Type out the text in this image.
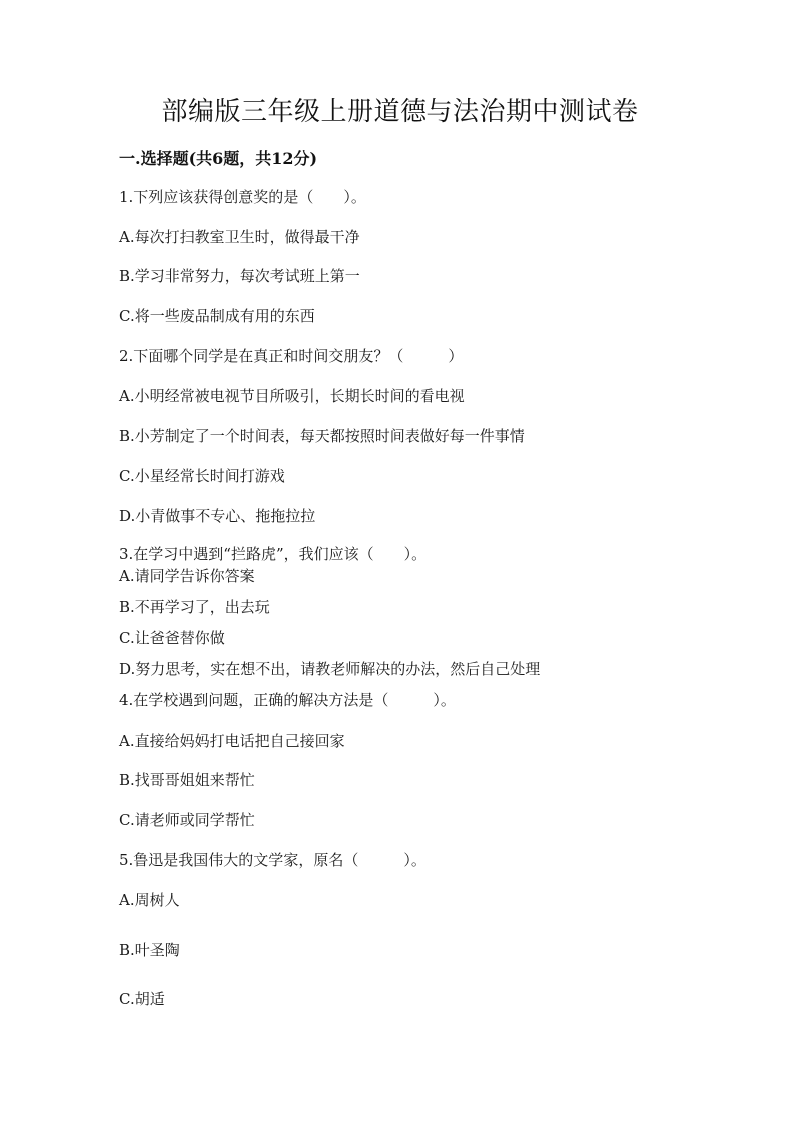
部编版三年级上册道德与法治期中测试卷
一.选择题(共6题，共12分)
1.下列应该获得创意奖的是（　　）。
A.每次打扫教室卫生时，做得最干净
B.学习非常努力，每次考试班上第一
C.将一些废品制成有用的东西
2.下面哪个同学是在真正和时间交朋友？（　　　）
A.小明经常被电视节目所吸引，长期长时间的看电视
B.小芳制定了一个时间表，每天都按照时间表做好每一件事情
C.小星经常长时间打游戏
D.小青做事不专心、拖拖拉拉
3.在学习中遇到“拦路虎”，我们应该（　　）。
A.请同学告诉你答案
B.不再学习了，出去玩
C.让爸爸替你做
D.努力思考，实在想不出，请教老师解决的办法，然后自己处理
4.在学校遇到问题，正确的解决方法是（　　　）。
A.直接给妈妈打电话把自己接回家
B.找哥哥姐姐来帮忙
C.请老师或同学帮忙
5.鲁迅是我国伟大的文学家，原名（　　　）。
A.周树人
B.叶圣陶
C.胡适
